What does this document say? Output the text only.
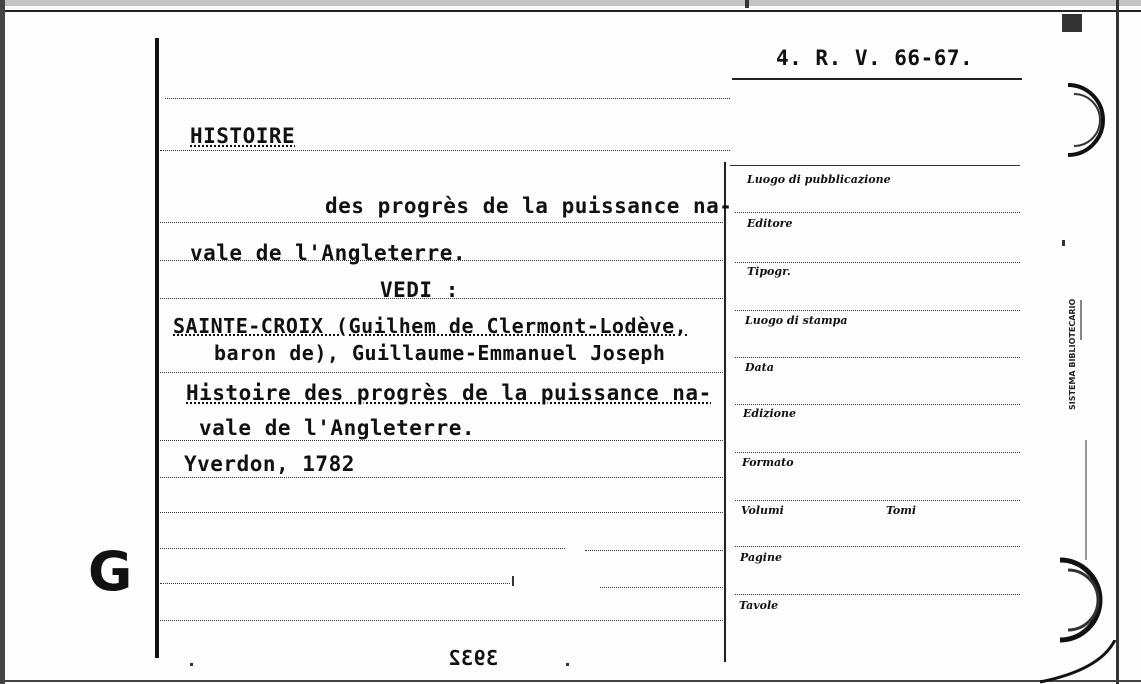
4. R. V. 66-67.
HISTOIRE
des progrès de la puissance na-
vale de l'Angleterre.
VEDI :
SAINTE-CROIX (Guilhem de Clermont-Lodève,
baron de), Guillaume-Emmanuel Joseph
Histoire des progrès de la puissance na-
vale de l'Angleterre.
Yverdon, 1782
Luogo di pubblicazione
Editore
Tipogr.
Luogo di stampa
Data
Edizione
Formato
Volumi	Tomi
Pagine
Tavole
G
3932
SISTEMA BIBLIOTECARIO
